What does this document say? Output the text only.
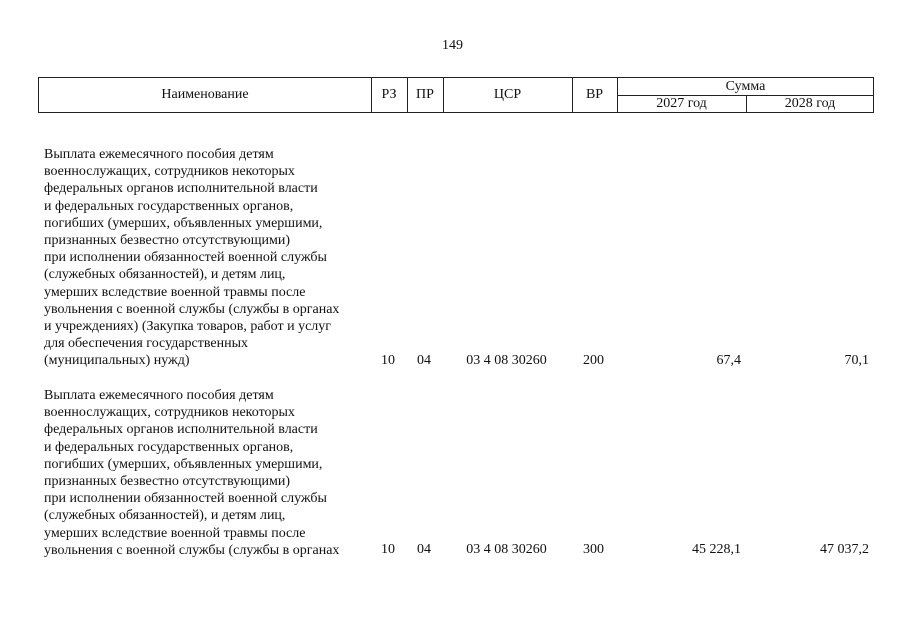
149
Наименование	РЗ	ПР	ЦСР	ВР
Сумма
2027 год	2028 год
Выплата ежемесячного пособия детям
военнослужащих, сотрудников некоторых
федеральных органов исполнительной власти
и федеральных государственных органов,
погибших (умерших, объявленных умершими,
признанных безвестно отсутствующими)
при исполнении обязанностей военной службы
(служебных обязанностей), и детям лиц,
умерших вследствие военной травмы после
увольнения с военной службы (службы в органах
и учреждениях) (Закупка товаров, работ и услуг
для обеспечения государственных
(муниципальных) нужд)	10	04	03 4 08 30260	200	67,4	70,1
Выплата ежемесячного пособия детям
военнослужащих, сотрудников некоторых
федеральных органов исполнительной власти
и федеральных государственных органов,
погибших (умерших, объявленных умершими,
признанных безвестно отсутствующими)
при исполнении обязанностей военной службы
(служебных обязанностей), и детям лиц,
умерших вследствие военной травмы после
увольнения с военной службы (службы в органах	10	04	03 4 08 30260	300	45 228,1	47 037,2
